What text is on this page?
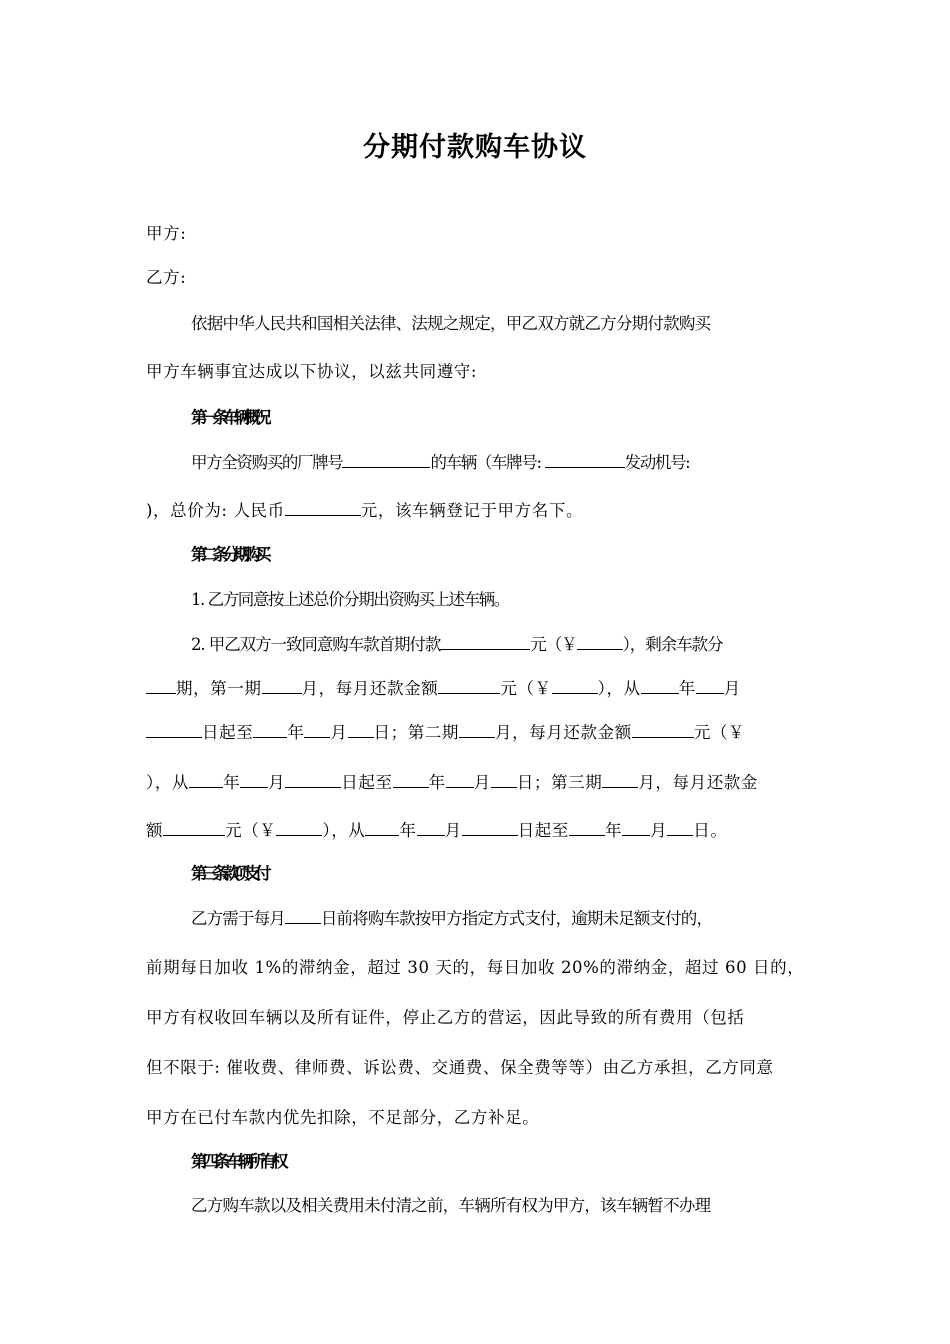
分期付款购车协议
甲方:
乙方:
依据中华人民共和国相关法律、法规之规定，甲乙双方就乙方分期付款购买
甲方车辆事宜达成以下协议，以兹共同遵守:
第一条 车辆概况
甲方全资购买的厂牌号	的车辆（车牌号:	发动机号:
)，总价为: 人民币	元，该车辆登记于甲方名下。
第二条 分期购买
1. 乙方同意按上述总价分期出资购买上述车辆。
2. 甲乙双方一致同意购车款首期付款	元（￥	），剩余车款分
期，第一期 月，每月还款金额	元（￥	），从 年 月
日起至 年 月 日；第二期 月，每月还款金额	元（￥
），从 年 月	日起至 年 月 日；第三期 月，每月还款金
额	元（￥	），从 年 月	日起至 年 月 日。
第三条 款项支付
乙方需于每月 日前将购车款按甲方指定方式支付，逾期未足额支付的，
前期每日加收 1%的滞纳金，超过 30 天的，每日加收 20%的滞纳金，超过 60 日的，
甲方有权收回车辆以及所有证件，停止乙方的营运，因此导致的所有费用（包括
但不限于: 催收费、律师费、诉讼费、交通费、保全费等等）由乙方承担，乙方同意
甲方在已付车款内优先扣除，不足部分，乙方补足。
第四条 车辆所有权
乙方购车款以及相关费用未付清之前，车辆所有权为甲方，该车辆暂不办理
